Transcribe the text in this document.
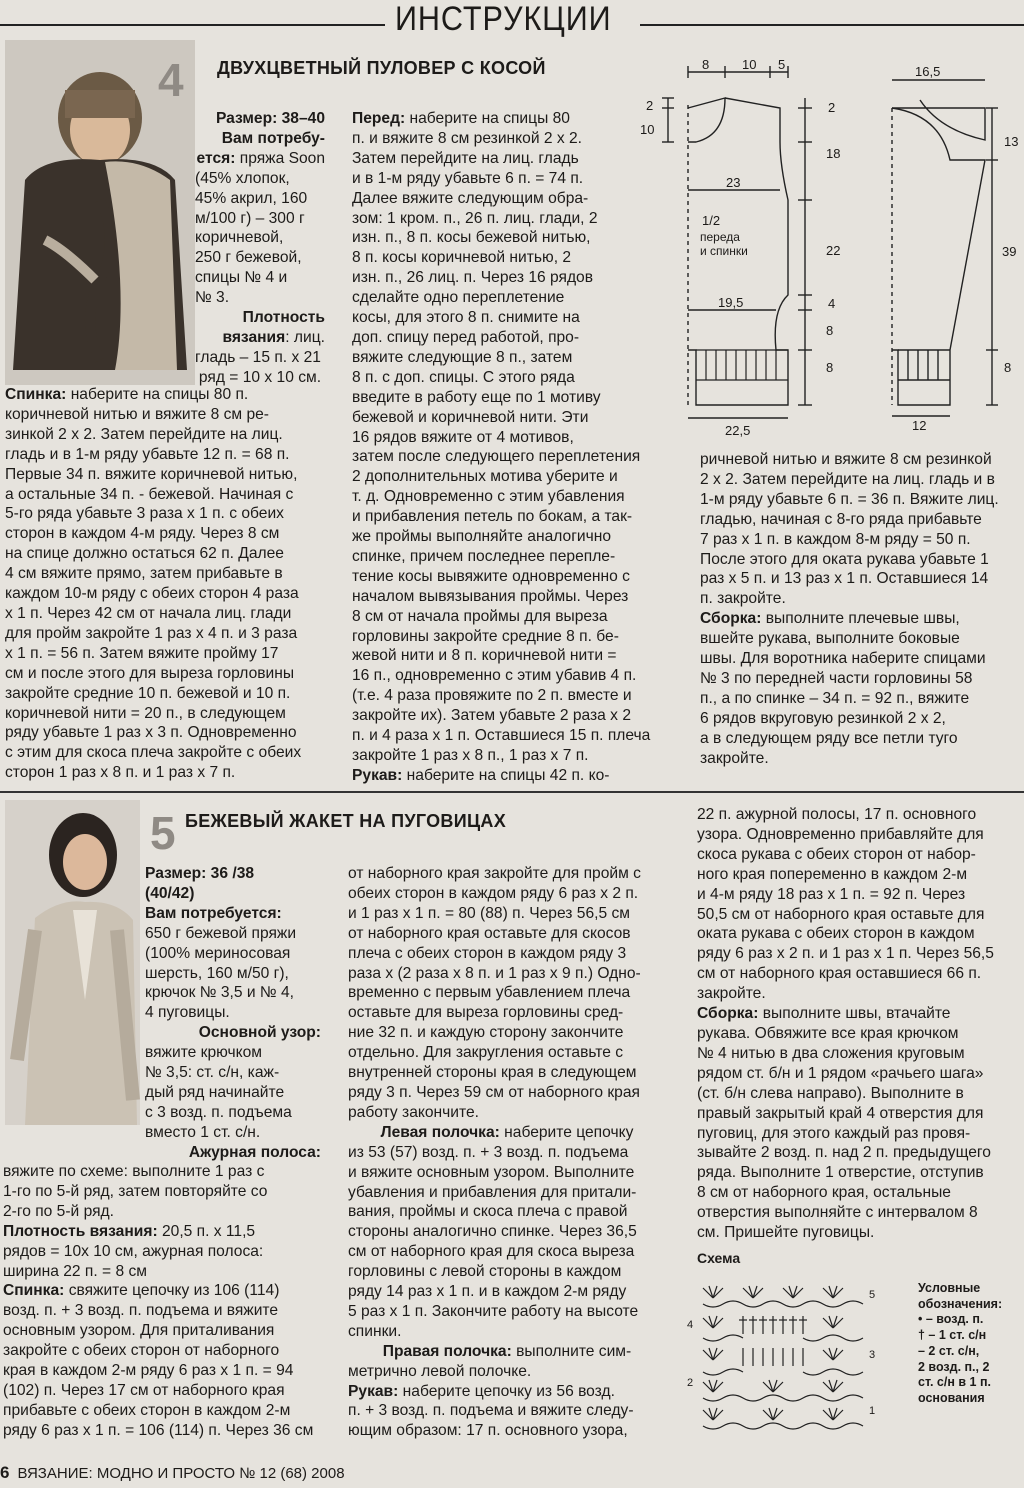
ИНСТРУКЦИИ
4 ДВУХЦВЕТНЫЙ ПУЛОВЕР С КОСОЙ

Размер: 38–40

Вам потребу-

ется: пряжа Soon

(45% хлопок,

45% акрил, 160

м/100 г) – 300 г

коричневой,

250 г бежевой,

спицы № 4 и

№ 3.

Плотность

вязания: лиц.

гладь – 15 п. х 21

ряд = 10 х 10 см.

Спинка: наберите на спицы 80 п.

коричневой нитью и вяжите 8 см ре-

зинкой 2 х 2. Затем перейдите на лиц.

гладь и в 1-м ряду убавьте 12 п. = 68 п.

Первые 34 п. вяжите коричневой нитью,

а остальные 34 п. - бежевой. Начиная с

5-го ряда убавьте 3 раза х 1 п. с обеих

сторон в каждом 4-м ряду. Через 8 см

на спице должно остаться 62 п. Далее

4 см вяжите прямо, затем прибавьте в

каждом 10-м ряду с обеих сторон 4 раза

х 1 п. Через 42 см от начала лиц. глади

для пройм закройте 1 раз х 4 п. и 3 раза

х 1 п. = 56 п. Затем вяжите пройму 17

см и после этого для выреза горловины

закройте средние 10 п. бежевой и 10 п.

коричневой нити = 20 п., в следующем

ряду убавьте 1 раз х 3 п. Одновременно

с этим для скоса плеча закройте с обеих

сторон 1 раз х 8 п. и 1 раз х 7 п.

Перед: наберите на спицы 80

п. и вяжите 8 см резинкой 2 х 2.

Затем перейдите на лиц. гладь

и в 1-м ряду убавьте 6 п. = 74 п.

Далее вяжите следующим обра-

зом: 1 кром. п., 26 п. лиц. глади, 2

изн. п., 8 п. косы бежевой нитью,

8 п. косы коричневой нитью, 2

изн. п., 26 лиц. п. Через 16 рядов

сделайте одно переплетение

косы, для этого 8 п. снимите на

доп. спицу перед работой, про-

вяжите следующие 8 п., затем

8 п. с доп. спицы. С этого ряда

введите в работу еще по 1 мотиву

бежевой и коричневой нити. Эти

16 рядов вяжите от 4 мотивов,

затем после следующего переплетения

2 дополнительных мотива уберите и

т. д. Одновременно с этим убавления

и прибавления петель по бокам, а так-

же проймы выполняйте аналогично

спинке, причем последнее перепле-

тение косы вывяжите одновременно с

началом вывязывания проймы. Через

8 см от начала проймы для выреза

горловины закройте средние 8 п. бе-

жевой нити и 8 п. коричневой нити =

16 п., одновременно с этим убавив 4 п.

(т.е. 4 раза провяжите по 2 п. вместе и

закройте их). Затем убавьте 2 раза х 2

п. и 4 раза х 1 п. Оставшиеся 15 п. плеча

закройте 1 раз х 8 п., 1 раз х 7 п.

Рукав: наберите на спицы 42 п. ко-

ричневой нитью и вяжите 8 см резинкой

2 х 2. Затем перейдите на лиц. гладь и в

1-м ряду убавьте 6 п. = 36 п. Вяжите лиц.

гладью, начиная с 8-го ряда прибавьте

7 раз х 1 п. в каждом 8-м ряду = 50 п.

После этого для оката рукава убавьте 1

раз х 5 п. и 13 раз х 1 п. Оставшиеся 14

п. закройте.

Сборка: выполните плечевые швы,

вшейте рукава, выполните боковые

швы. Для воротника наберите спицами

№ 3 по передней части горловины 58

п., а по спинке – 34 п. = 92 п., вяжите

6 рядов вкруговую резинкой 2 х 2,

а в следующем ряду все петли туго

закройте.

8	10 5
2
10
2
18
23
1/2
переда
и спинки	22
19,5	4
8
8
22,5
16,5
13
39
8
12
5 БЕЖЕВЫЙ ЖАКЕТ НА ПУГОВИЦАХ

Размер: 36 /38

(40/42)

Вам потребуется:

650 г бежевой пряжи

(100% мериносовая

шерсть, 160 м/50 г),

крючок № 3,5 и № 4,

4 пуговицы.

Основной узор:

вяжите крючком

№ 3,5: ст. с/н, каж-

дый ряд начинайте

с 3 возд. п. подъема

вместо 1 ст. с/н.

Ажурная полоса:

вяжите по схеме: выполните 1 раз с

1-го по 5-й ряд, затем повторяйте со

2-го по 5-й ряд.

Плотность вязания: 20,5 п. х 11,5

рядов = 10х 10 см, ажурная полоса:

ширина 22 п. = 8 см

Спинка: свяжите цепочку из 106 (114)

возд. п. + 3 возд. п. подъема и вяжите

основным узором. Для приталивания

закройте с обеих сторон от наборного

края в каждом 2-м ряду 6 раз х 1 п. = 94

(102) п. Через 17 см от наборного края

прибавьте с обеих сторон в каждом 2-м

ряду 6 раз х 1 п. = 106 (114) п. Через 36 см

от наборного края закройте для пройм с

обеих сторон в каждом ряду 6 раз х 2 п.

и 1 раз х 1 п. = 80 (88) п. Через 56,5 см

от наборного края оставьте для скосов

плеча с обеих сторон в каждом ряду 3

раза х (2 раза х 8 п. и 1 раз х 9 п.) Одно-

временно с первым убавлением плеча

оставьте для выреза горловины сред-

ние 32 п. и каждую сторону закончите

отдельно. Для закругления оставьте с

внутренней стороны края в следующем

ряду 3 п. Через 59 см от наборного края

работу закончите.

Левая полочка: наберите цепочку

из 53 (57) возд. п. + 3 возд. п. подъема

и вяжите основным узором. Выполните

убавления и прибавления для притали-

вания, проймы и скоса плеча с правой

стороны аналогично спинке. Через 36,5

см от наборного края для скоса выреза

горловины с левой стороны в каждом

ряду 14 раз х 1 п. и в каждом 2-м ряду

5 раз х 1 п. Закончите работу на высоте

спинки.

Правая полочка: выполните сим-

метрично левой полочке.

Рукав: наберите цепочку из 56 возд.

п. + 3 возд. п. подъема и вяжите следу-

ющим образом: 17 п. основного узора,

22 п. ажурной полосы, 17 п. основного

узора. Одновременно прибавляйте для

скоса рукава с обеих сторон от набор-

ного края попеременно в каждом 2-м

и 4-м ряду 18 раз х 1 п. = 92 п. Через

50,5 см от наборного края оставьте для

оката рукава с обеих сторон в каждом

ряду 6 раз х 2 п. и 1 раз х 1 п. Через 56,5

см от наборного края оставшиеся 66 п.

закройте.

Сборка: выполните швы, втачайте

рукава. Обвяжите все края крючком

№ 4 нитью в два сложения круговым

рядом ст. б/н и 1 рядом «рачьего шага»

(ст. б/н слева направо). Выполните в

правый закрытый край 4 отверстия для

пуговиц, для этого каждый раз провя-

зывайте 2 возд. п. над 2 п. предыдущего

ряда. Выполните 1 отверстие, отступив

8 см от наборного края, остальные

отверстия выполняйте с интервалом 8

см. Пришейте пуговицы.

Схема
1
2
3
4
5	Условные
обозначения:
• – возд. п.
† – 1 ст. с/н
– 2 ст. с/н,
2 возд. п., 2
ст. с/н в 1 п.
основания
6 ВЯЗАНИЕ: МОДНО И ПРОСТО № 12 (68) 2008
